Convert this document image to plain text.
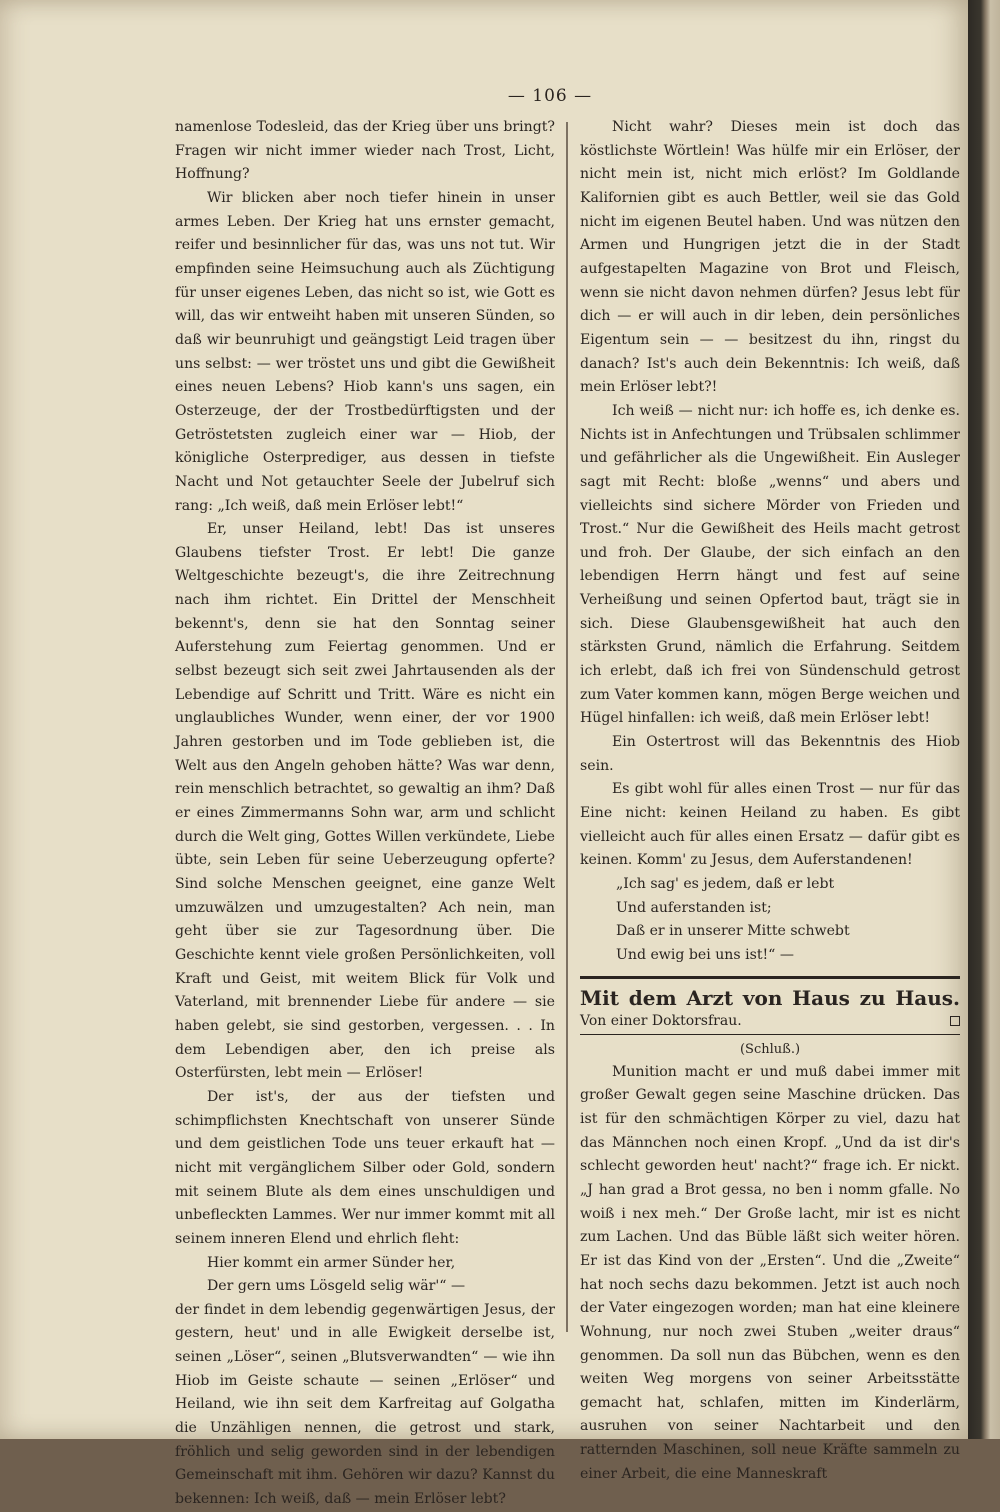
— 106 —

namenlose Todesleid, das der Krieg über uns bringt? Fragen wir nicht immer wieder nach Trost, Licht, Hoffnung?

Wir blicken aber noch tiefer hinein in unser armes Leben. Der Krieg hat uns ernster gemacht, reifer und besinnlicher für das, was uns not tut. Wir empfinden seine Heimsuchung auch als Züchtigung für unser eigenes Leben, das nicht so ist, wie Gott es will, das wir entweiht haben mit unseren Sünden, so daß wir beunruhigt und geängstigt Leid tragen über uns selbst: — wer tröstet uns und gibt die Gewißheit eines neuen Lebens? Hiob kann's uns sagen, ein Osterzeuge, der der Trostbedürftigsten und der Getröstetsten zugleich einer war — Hiob, der königliche Osterprediger, aus dessen in tiefste Nacht und Not getauchter Seele der Jubelruf sich rang: „Ich weiß, daß mein Erlöser lebt!“

Er, unser Heiland, lebt! Das ist unseres Glaubens tiefster Trost. Er lebt! Die ganze Weltgeschichte bezeugt's, die ihre Zeitrechnung nach ihm richtet. Ein Drittel der Menschheit bekennt's, denn sie hat den Sonntag seiner Auferstehung zum Feiertag genommen. Und er selbst bezeugt sich seit zwei Jahrtausenden als der Lebendige auf Schritt und Tritt. Wäre es nicht ein unglaubliches Wunder, wenn einer, der vor 1900 Jahren gestorben und im Tode geblieben ist, die Welt aus den Angeln gehoben hätte? Was war denn, rein menschlich betrachtet, so gewaltig an ihm? Daß er eines Zimmermanns Sohn war, arm und schlicht durch die Welt ging, Gottes Willen verkündete, Liebe übte, sein Leben für seine Ueberzeugung opferte? Sind solche Menschen geeignet, eine ganze Welt umzuwälzen und umzugestalten? Ach nein, man geht über sie zur Tagesordnung über. Die Geschichte kennt viele großen Persönlichkeiten, voll Kraft und Geist, mit weitem Blick für Volk und Vaterland, mit brennender Liebe für andere — sie haben gelebt, sie sind gestorben, vergessen. . . In dem Lebendigen aber, den ich preise als Osterfürsten, lebt mein — Erlöser!

Der ist's, der aus der tiefsten und schimpflichsten Knechtschaft von unserer Sünde und dem geistlichen Tode uns teuer erkauft hat — nicht mit vergänglichem Silber oder Gold, sondern mit seinem Blute als dem eines unschuldigen und unbefleckten Lammes. Wer nur immer kommt mit all seinem inneren Elend und ehrlich fleht:

Hier kommt ein armer Sünder her,

Der gern ums Lösgeld selig wär'“ —

der findet in dem lebendig gegenwärtigen Jesus, der gestern, heut' und in alle Ewigkeit derselbe ist, seinen „Löser“, seinen „Blutsverwandten“ — wie ihn Hiob im Geiste schaute — seinen „Erlöser“ und Heiland, wie ihn seit dem Karfreitag auf Golgatha die Unzähligen nennen, die getrost und stark, fröhlich und selig geworden sind in der lebendigen Gemeinschaft mit ihm. Gehören wir dazu? Kannst du bekennen: Ich weiß, daß — mein Erlöser lebt?

Nicht wahr? Dieses mein ist doch das köstlichste Wörtlein! Was hülfe mir ein Erlöser, der nicht mein ist, nicht mich erlöst? Im Goldlande Kalifornien gibt es auch Bettler, weil sie das Gold nicht im eigenen Beutel haben. Und was nützen den Armen und Hungrigen jetzt die in der Stadt aufgestapelten Magazine von Brot und Fleisch, wenn sie nicht davon nehmen dürfen? Jesus lebt für dich — er will auch in dir leben, dein persönliches Eigentum sein — — besitzest du ihn, ringst du danach? Ist's auch dein Bekenntnis: Ich weiß, daß mein Erlöser lebt?!

Ich weiß — nicht nur: ich hoffe es, ich denke es. Nichts ist in Anfechtungen und Trübsalen schlimmer und gefährlicher als die Ungewißheit. Ein Ausleger sagt mit Recht: bloße „wenns“ und abers und vielleichts sind sichere Mörder von Frieden und Trost.“ Nur die Gewißheit des Heils macht getrost und froh. Der Glaube, der sich einfach an den lebendigen Herrn hängt und fest auf seine Verheißung und seinen Opfertod baut, trägt sie in sich. Diese Glaubensgewißheit hat auch den stärksten Grund, nämlich die Erfahrung. Seitdem ich erlebt, daß ich frei von Sündenschuld getrost zum Vater kommen kann, mögen Berge weichen und Hügel hinfallen: ich weiß, daß mein Erlöser lebt!

Ein Ostertrost will das Bekenntnis des Hiob sein.

Es gibt wohl für alles einen Trost — nur für das Eine nicht: keinen Heiland zu haben. Es gibt vielleicht auch für alles einen Ersatz — dafür gibt es keinen. Komm' zu Jesus, dem Auferstandenen!

„Ich sag' es jedem, daß er lebt

Und auferstanden ist;

Daß er in unserer Mitte schwebt

Und ewig bei uns ist!“ —

Mit dem Arzt von Haus zu Haus.
Von einer Doktorsfrau.

(Schluß.)

Munition macht er und muß dabei immer mit großer Gewalt gegen seine Maschine drücken. Das ist für den schmächtigen Körper zu viel, dazu hat das Männchen noch einen Kropf. „Und da ist dir's schlecht geworden heut' nacht?“ frage ich. Er nickt. „J han grad a Brot gessa, no ben i nomm gfalle. No woiß i nex meh.“ Der Große lacht, mir ist es nicht zum Lachen. Und das Büble läßt sich weiter hören. Er ist das Kind von der „Ersten“. Und die „Zweite“ hat noch sechs dazu bekommen. Jetzt ist auch noch der Vater eingezogen worden; man hat eine kleinere Wohnung, nur noch zwei Stuben „weiter draus“ genommen. Da soll nun das Bübchen, wenn es den weiten Weg morgens von seiner Arbeitsstätte gemacht hat, schlafen, mitten im Kinderlärm, ausruhen von seiner Nachtarbeit und den ratternden Maschinen, soll neue Kräfte sammeln zu einer Arbeit, die eine Manneskraft
